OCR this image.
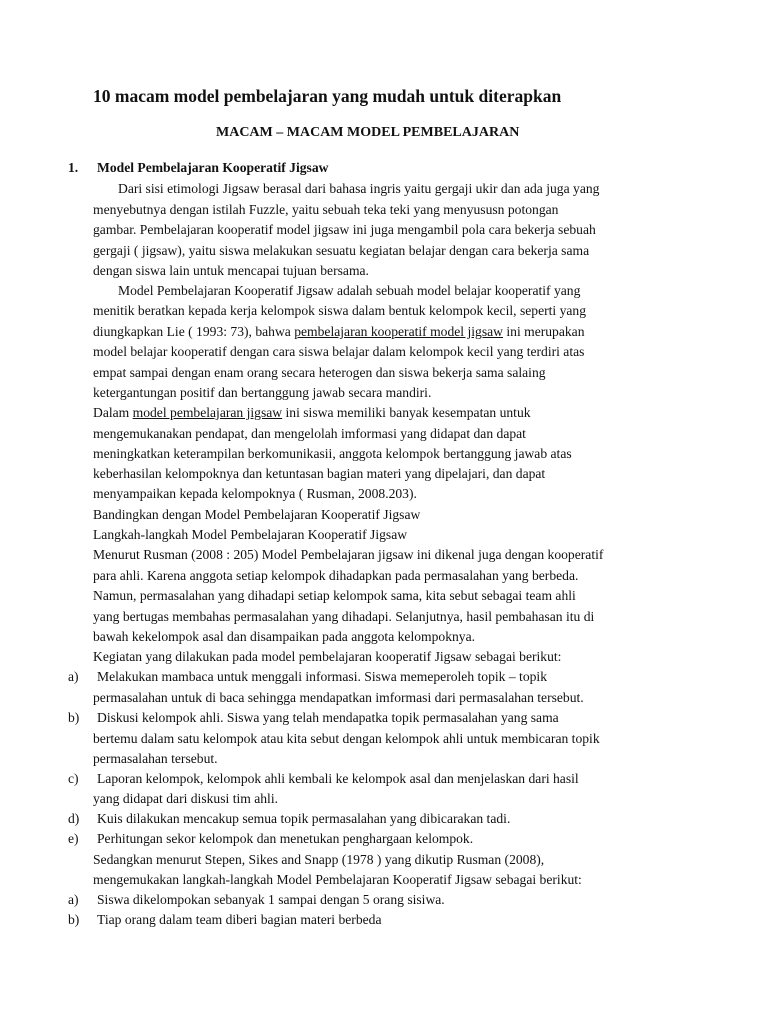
10 macam model pembelajaran yang mudah untuk diterapkan
MACAM – MACAM MODEL PEMBELAJARAN
1. Model Pembelajaran Kooperatif Jigsaw
Dari sisi etimologi Jigsaw berasal dari bahasa ingris yaitu gergaji ukir dan ada juga yang
menyebutnya dengan istilah Fuzzle, yaitu sebuah teka teki yang menyususn potongan
gambar. Pembelajaran kooperatif model jigsaw ini juga mengambil pola cara bekerja sebuah
gergaji ( jigsaw), yaitu siswa melakukan sesuatu kegiatan belajar dengan cara bekerja sama
dengan siswa lain untuk mencapai tujuan bersama.
Model Pembelajaran Kooperatif Jigsaw adalah sebuah model belajar kooperatif yang
menitik beratkan kepada kerja kelompok siswa dalam bentuk kelompok kecil, seperti yang
diungkapkan Lie ( 1993: 73), bahwa pembelajaran kooperatif model jigsaw ini merupakan
model belajar kooperatif dengan cara siswa belajar dalam kelompok kecil yang terdiri atas
empat sampai dengan enam orang secara heterogen dan siswa bekerja sama salaing
ketergantungan positif dan bertanggung jawab secara mandiri.
Dalam model pembelajaran jigsaw ini siswa memiliki banyak kesempatan untuk
mengemukanakan pendapat, dan mengelolah imformasi yang didapat dan dapat
meningkatkan keterampilan berkomunikasii, anggota kelompok bertanggung jawab atas
keberhasilan kelompoknya dan ketuntasan bagian materi yang dipelajari, dan dapat
menyampaikan kepada kelompoknya ( Rusman, 2008.203).
Bandingkan dengan Model Pembelajaran Kooperatif Jigsaw
Langkah-langkah Model Pembelajaran Kooperatif Jigsaw
Menurut Rusman (2008 : 205) Model Pembelajaran jigsaw ini dikenal juga dengan kooperatif
para ahli. Karena anggota setiap kelompok dihadapkan pada permasalahan yang berbeda.
Namun, permasalahan yang dihadapi setiap kelompok sama, kita sebut sebagai team ahli
yang bertugas membahas permasalahan yang dihadapi. Selanjutnya, hasil pembahasan itu di
bawah kekelompok asal dan disampaikan pada anggota kelompoknya.
Kegiatan yang dilakukan pada model pembelajaran kooperatif Jigsaw sebagai berikut:
a) Melakukan mambaca untuk menggali informasi. Siswa memeperoleh topik – topik
permasalahan untuk di baca sehingga mendapatkan imformasi dari permasalahan tersebut.
b) Diskusi kelompok ahli. Siswa yang telah mendapatka topik permasalahan yang sama
bertemu dalam satu kelompok atau kita sebut dengan kelompok ahli untuk membicaran topik
permasalahan tersebut.
c) Laporan kelompok, kelompok ahli kembali ke kelompok asal dan menjelaskan dari hasil
yang didapat dari diskusi tim ahli.
d) Kuis dilakukan mencakup semua topik permasalahan yang dibicarakan tadi.
e) Perhitungan sekor kelompok dan menetukan penghargaan kelompok.
Sedangkan menurut Stepen, Sikes and Snapp (1978 ) yang dikutip Rusman (2008),
mengemukakan langkah-langkah Model Pembelajaran Kooperatif Jigsaw sebagai berikut:
a) Siswa dikelompokan sebanyak 1 sampai dengan 5 orang sisiwa.
b) Tiap orang dalam team diberi bagian materi berbeda
